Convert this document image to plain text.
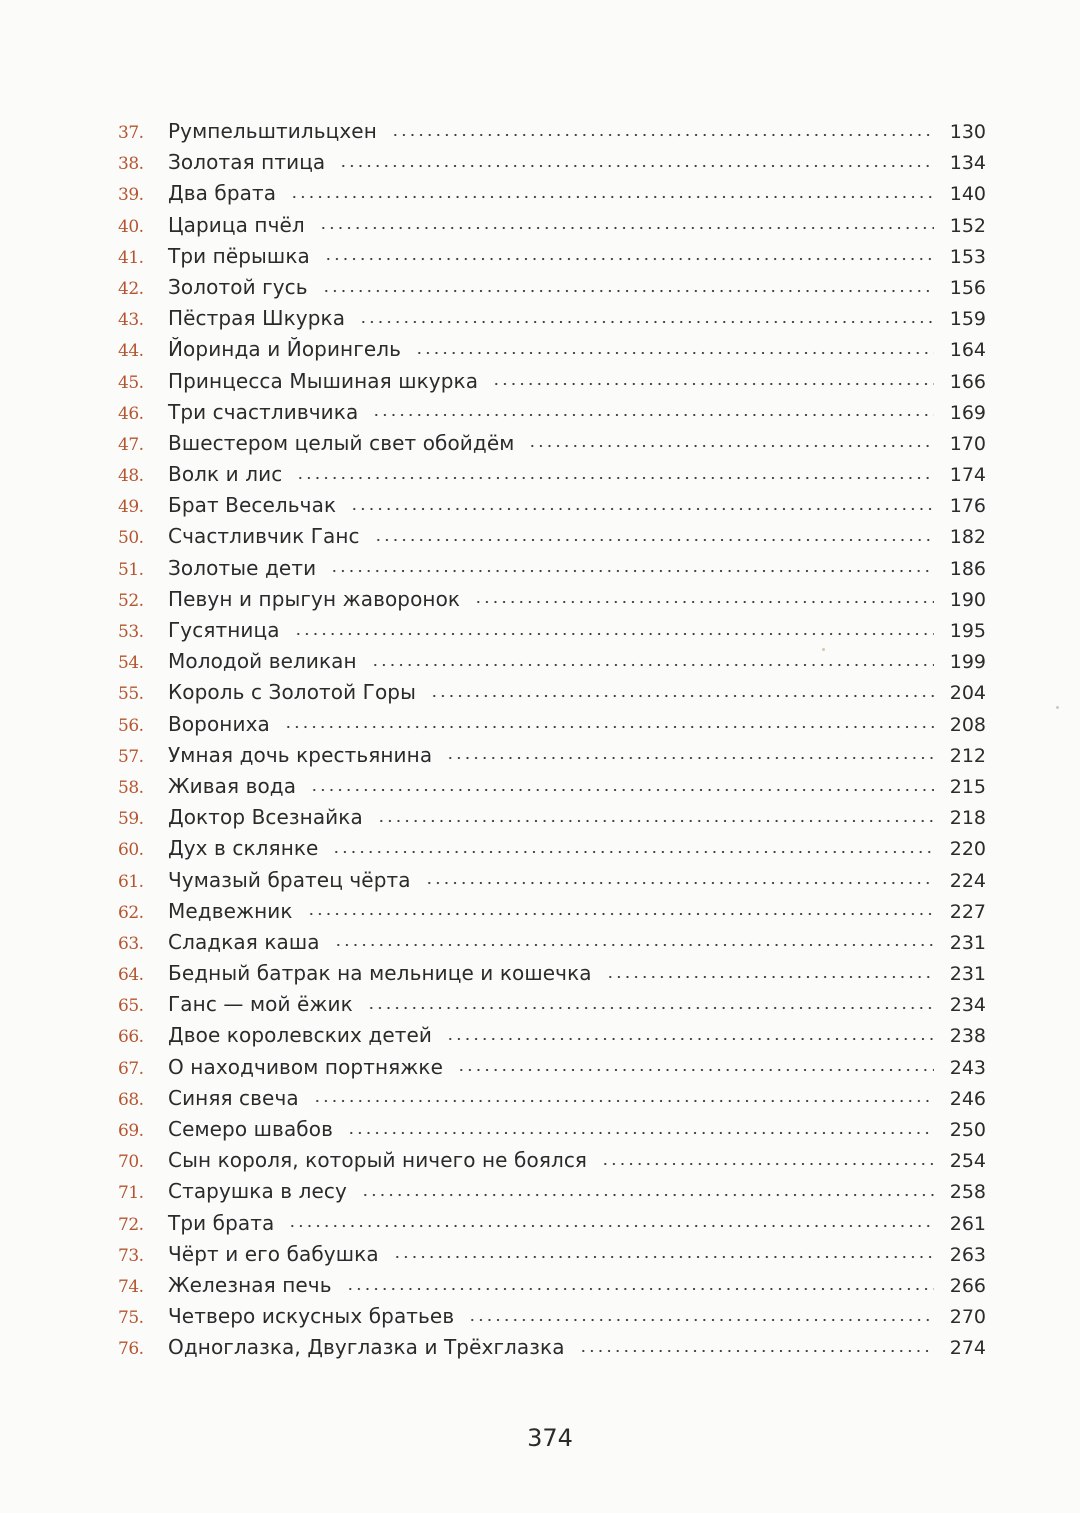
37.	Румпельштильцхен	130
38.	Золотая птица	134
39.	Два брата	140
40.	Царица пчёл	152
41.	Три пёрышка	153
42.	Золотой гусь	156
43.	Пёстрая Шкурка	159
44.	Йоринда и Йорингель	164
45.	Принцесса Мышиная шкурка	166
46.	Три счастливчика	169
47.	Вшестером целый свет обойдём	170
48.	Волк и лис	174
49.	Брат Весельчак	176
50.	Счастливчик Ганс	182
51.	Золотые дети	186
52.	Певун и прыгун жаворонок	190
53.	Гусятница	195
54.	Молодой великан	199
55.	Король с Золотой Горы	204
56.	Ворониха	208
57.	Умная дочь крестьянина	212
58.	Живая вода	215
59.	Доктор Всезнайка	218
60.	Дух в склянке	220
61.	Чумазый братец чёрта	224
62.	Медвежник	227
63.	Сладкая каша	231
64.	Бедный батрак на мельнице и кошечка	231
65.	Ганс — мой ёжик	234
66.	Двое королевских детей	238
67.	О находчивом портняжке	243
68.	Синяя свеча	246
69.	Семеро швабов	250
70.	Сын короля, который ничего не боялся	254
71.	Старушка в лесу	258
72.	Три брата	261
73.	Чёрт и его бабушка	263
74.	Железная печь	266
75.	Четверо искусных братьев	270
76.	Одноглазка, Двуглазка и Трёхглазка	274
374
